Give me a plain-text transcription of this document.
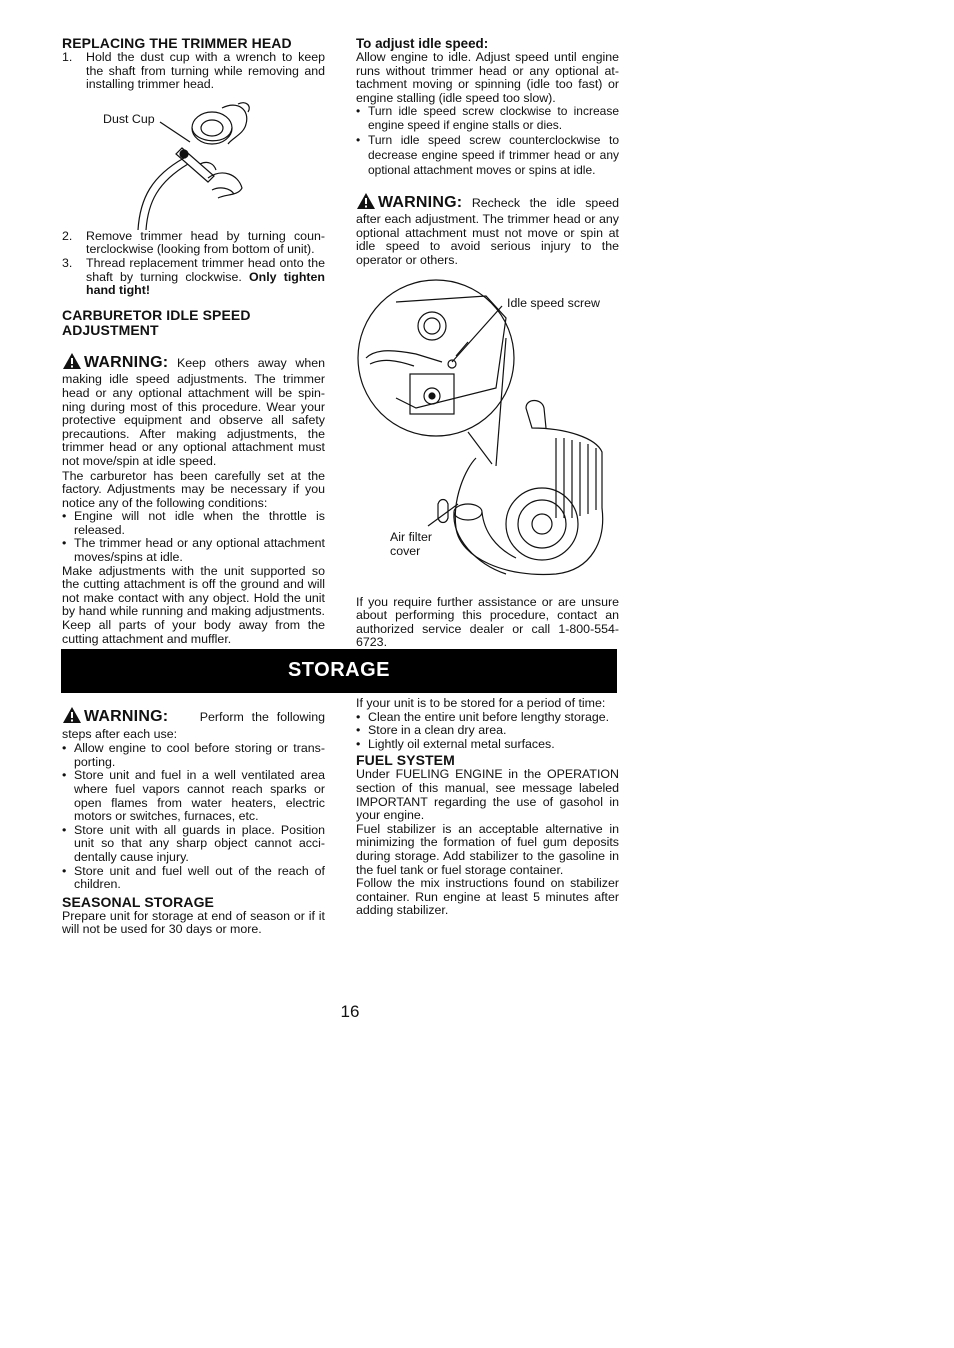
REPLACING THE TRIMMER HEAD
1. Hold the dust cup with a wrench to keep the shaft from turning while removing and installing trimmer head.
Dust Cup
2. Remove trimmer head by turning counterclockwise (looking from bottom of unit).
3. Thread replacement trimmer head onto the shaft by turning clockwise. Only tighten hand tight!
CARBURETOR IDLE SPEED ADJUSTMENT

WARNING: Keep others away when making idle speed adjustments. The trimmer head or any optional attachment will be spinning during most of this procedure. Wear your protective equipment and observe all safety precautions. After making adjustments, the trimmer head or any optional attachment must not move/spin at idle speed.

The carburetor has been carefully set at the factory. Adjustments may be necessary if you notice any of the following conditions:

• Engine will not idle when the throttle is released.
• The trimmer head or any optional attachment moves/spins at idle.

Make adjustments with the unit supported so the cutting attachment is off the ground and will not make contact with any object. Hold the unit by hand while running and making adjustments. Keep all parts of your body away from the cutting attachment and muffler.

To adjust idle speed:

Allow engine to idle. Adjust speed until engine runs without trimmer head or any optional attachment moving or spinning (idle too fast) or engine stalling (idle speed too slow).

• Turn idle speed screw clockwise to increase engine speed if engine stalls or dies.
• Turn idle speed screw counterclockwise to decrease engine speed if trimmer head or any optional attachment moves or spins at idle.

WARNING: Recheck the idle speed after each adjustment. The trimmer head or any optional attachment must not move or spin at idle speed to avoid serious injury to the operator or others.

Idle speed screw
Air filter
cover

If you require further assistance or are unsure about performing this procedure, contact an authorized service dealer or call 1-800-554-6723.

STORAGE

WARNING:	Perform the following steps after each use:

• Allow engine to cool before storing or transporting.
• Store unit and fuel in a well ventilated area where fuel vapors cannot reach sparks or open flames from water heaters, electric motors or switches, furnaces, etc.
• Store unit with all guards in place. Position unit so that any sharp object cannot accidentally cause injury.
• Store unit and fuel well out of the reach of children.
SEASONAL STORAGE

Prepare unit for storage at end of season or if it will not be used for 30 days or more.

If your unit is to be stored for a period of time:

• Clean the entire unit before lengthy storage.
• Store in a clean dry area.
• Lightly oil external metal surfaces.
FUEL SYSTEM

Under FUELING ENGINE in the OPERATION section of this manual, see message labeled IMPORTANT regarding the use of gasohol in your engine.

Fuel stabilizer is an acceptable alternative in minimizing the formation of fuel gum deposits during storage. Add stabilizer to the gasoline in the fuel tank or fuel storage container.

Follow the mix instructions found on stabilizer container. Run engine at least 5 minutes after adding stabilizer.

16
